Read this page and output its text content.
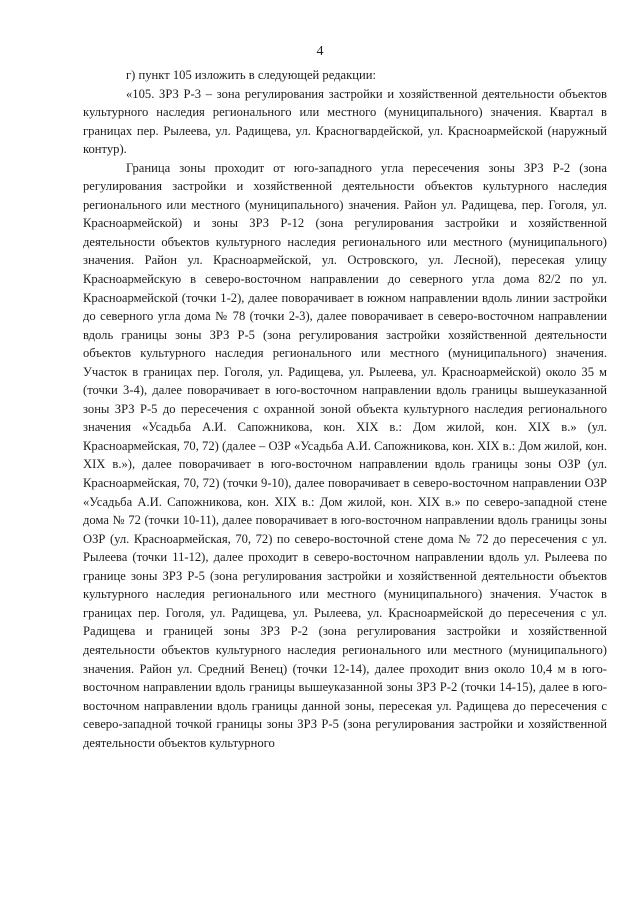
4

г) пункт 105 изложить в следующей редакции:

«105. ЗРЗ Р-3 – зона регулирования застройки и хозяйственной деятельности объектов культурного наследия регионального или местного (муниципального) значения. Квартал в границах пер. Рылеева, ул. Радищева, ул. Красногвардейской, ул. Красноармейской (наружный контур).

Граница зоны проходит от юго-западного угла пересечения зоны ЗРЗ Р-2 (зона регулирования застройки и хозяйственной деятельности объектов культурного наследия регионального или местного (муниципального) значения. Район ул. Радищева, пер. Гоголя, ул. Красноармейской) и зоны ЗРЗ Р-12 (зона регулирования застройки и хозяйственной деятельности объектов культурного наследия регионального или местного (муниципального) значения. Район ул. Красноармейской, ул. Островского, ул. Лесной), пересекая улицу Красноармейскую в северо-восточном направлении до северного угла дома 82/2 по ул. Красноармейской (точки 1-2), далее поворачивает в южном направлении вдоль линии застройки до северного угла дома № 78 (точки 2-3), далее поворачивает в северо-восточном направлении вдоль границы зоны ЗРЗ Р-5 (зона регулирования застройки хозяйственной деятельности объектов культурного наследия регионального или местного (муниципального) значения. Участок в границах пер. Гоголя, ул. Радищева, ул. Рылеева, ул. Красноармейской) около 35 м (точки 3-4), далее поворачивает в юго-восточном направлении вдоль границы вышеуказанной зоны ЗРЗ Р-5 до пересечения с охранной зоной объекта культурного наследия регионального значения «Усадьба А.И. Сапожникова, кон. XIX в.: Дом жилой, кон. XIX в.» (ул. Красноармейская, 70, 72) (далее – ОЗР «Усадьба А.И. Сапожникова, кон. XIX в.: Дом жилой, кон. XIX в.»), далее поворачивает в юго-восточном направлении вдоль границы зоны ОЗР (ул. Красноармейская, 70, 72) (точки 9-10), далее поворачивает в северо-восточном направлении ОЗР «Усадьба А.И. Сапожникова, кон. XIX в.: Дом жилой, кон. XIX в.» по северо-западной стене дома № 72 (точки 10-11), далее поворачивает в юго-восточном направлении вдоль границы зоны ОЗР (ул. Красноармейская, 70, 72) по северо-восточной стене дома № 72 до пересечения с ул. Рылеева (точки 11-12), далее проходит в северо-восточном направлении вдоль ул. Рылеева по границе зоны ЗРЗ Р-5 (зона регулирования застройки и хозяйственной деятельности объектов культурного наследия регионального или местного (муниципального) значения. Участок в границах пер. Гоголя, ул. Радищева, ул. Рылеева, ул. Красноармейской до пересечения с ул. Радищева и границей зоны ЗРЗ Р-2 (зона регулирования застройки и хозяйственной деятельности объектов культурного наследия регионального или местного (муниципального) значения. Район ул. Средний Венец) (точки 12-14), далее проходит вниз около 10,4 м в юго-восточном направлении вдоль границы вышеуказанной зоны ЗРЗ Р-2 (точки 14-15), далее в юго-восточном направлении вдоль границы данной зоны, пересекая ул. Радищева до пересечения с северо-западной точкой границы зоны ЗРЗ Р-5 (зона регулирования застройки и хозяйственной деятельности объектов культурного
